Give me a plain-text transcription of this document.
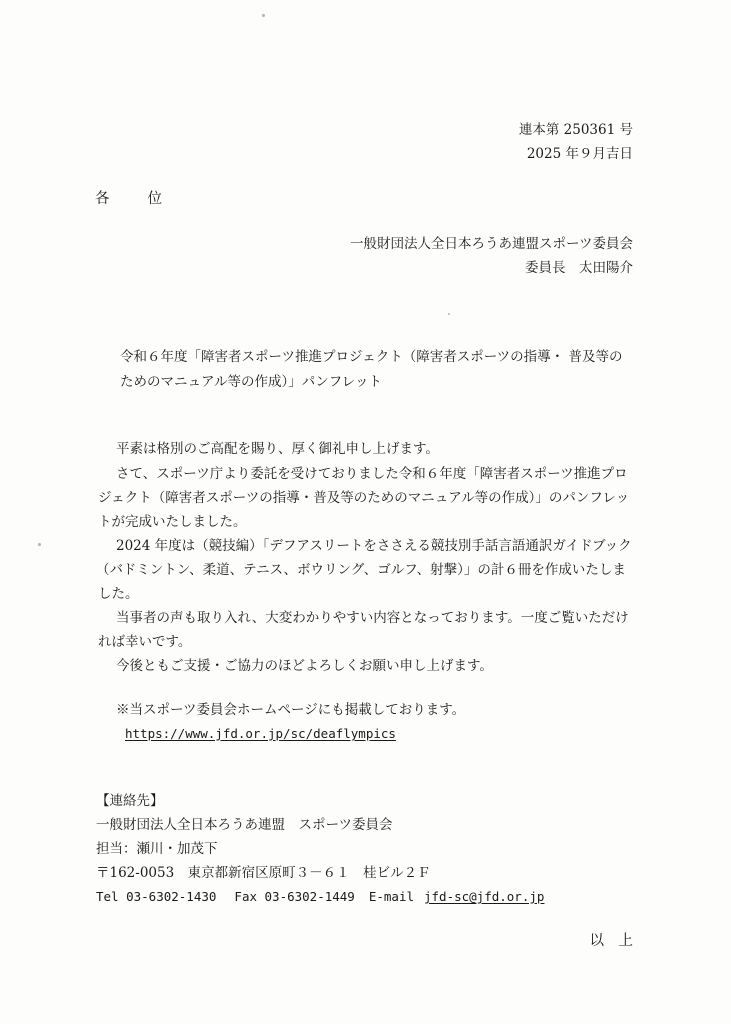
連本第 250361 号
2025 年９月吉日
各	位
一般財団法人全日本ろうあ連盟スポーツ委員会
委員長　太田陽介
令和６年度「障害者スポーツ推進プロジェクト（障害者スポーツの指導・ 普及等の
ためのマニュアル等の作成）」パンフレット
平素は格別のご高配を賜り、厚く御礼申し上げます。
さて、スポーツ庁より委託を受けておりました令和６年度「障害者スポーツ推進プロ
ジェクト（障害者スポーツの指導・普及等のためのマニュアル等の作成）」のパンフレッ
トが完成いたしました。
2024 年度は（競技編）「デフアスリートをささえる競技別手話言語通訳ガイドブック
（バドミントン、柔道、テニス、ボウリング、ゴルフ、射撃）」の計６冊を作成いたしま
した。
当事者の声も取り入れ、大変わかりやすい内容となっております。一度ご覧いただけ
れば幸いです。
今後ともご支援・ご協力のほどよろしくお願い申し上げます。
※当スポーツ委員会ホームページにも掲載しております。
https://www.jfd.or.jp/sc/deaflympics
【連絡先】
一般財団法人全日本ろうあ連盟　スポーツ委員会
担当：瀬川・加茂下
〒162-0053　東京都新宿区原町３－６１　桂ビル２Ｆ
Tel 03-6302-1430 Fax 03-6302-1449 E-mail jfd-sc@jfd.or.jp
以　上
